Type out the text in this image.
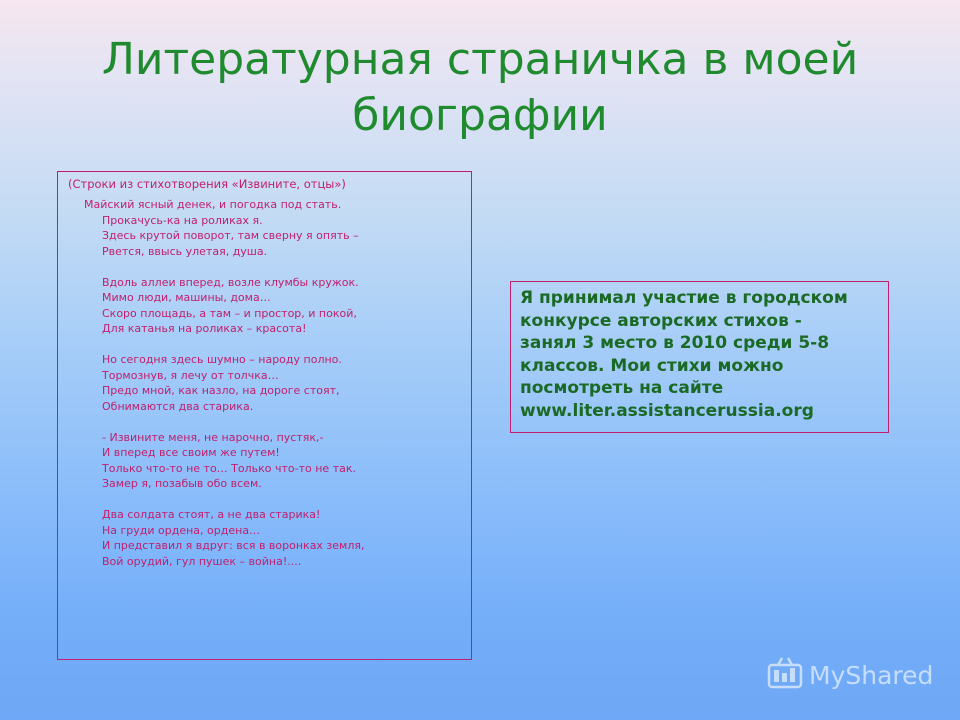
Литературная страничка в моей
биографии
(Строки из стихотворения «Извините, отцы»)
Майский ясный денек, и погодка под стать.
Прокачусь-ка на роликах я.
Здесь крутой поворот, там сверну я опять –
Рвется, ввысь улетая, душа.
Вдоль аллеи вперед, возле клумбы кружок.
Мимо люди, машины, дома…
Скоро площадь, а там – и простор, и покой,
Для катанья на роликах – красота!
Но сегодня здесь шумно – народу полно.
Тормознув, я лечу от толчка…
Предо мной, как назло, на дороге стоят,
Обнимаются два старика.
- Извините меня, не нарочно, пустяк,-
И вперед все своим же путем!
Только что-то не то… Только что-то не так.
Замер я, позабыв обо всем.
Два солдата стоят, а не два старика!
На груди ордена, ордена…
И представил я вдруг: вся в воронках земля,
Вой орудий, гул пушек – война!....
Я принимал участие в городском
конкурсе авторских стихов -
занял 3 место в 2010 среди 5-8
классов. Мои стихи можно
посмотреть на сайте
www.liter.assistancerussia.org
MyShared
